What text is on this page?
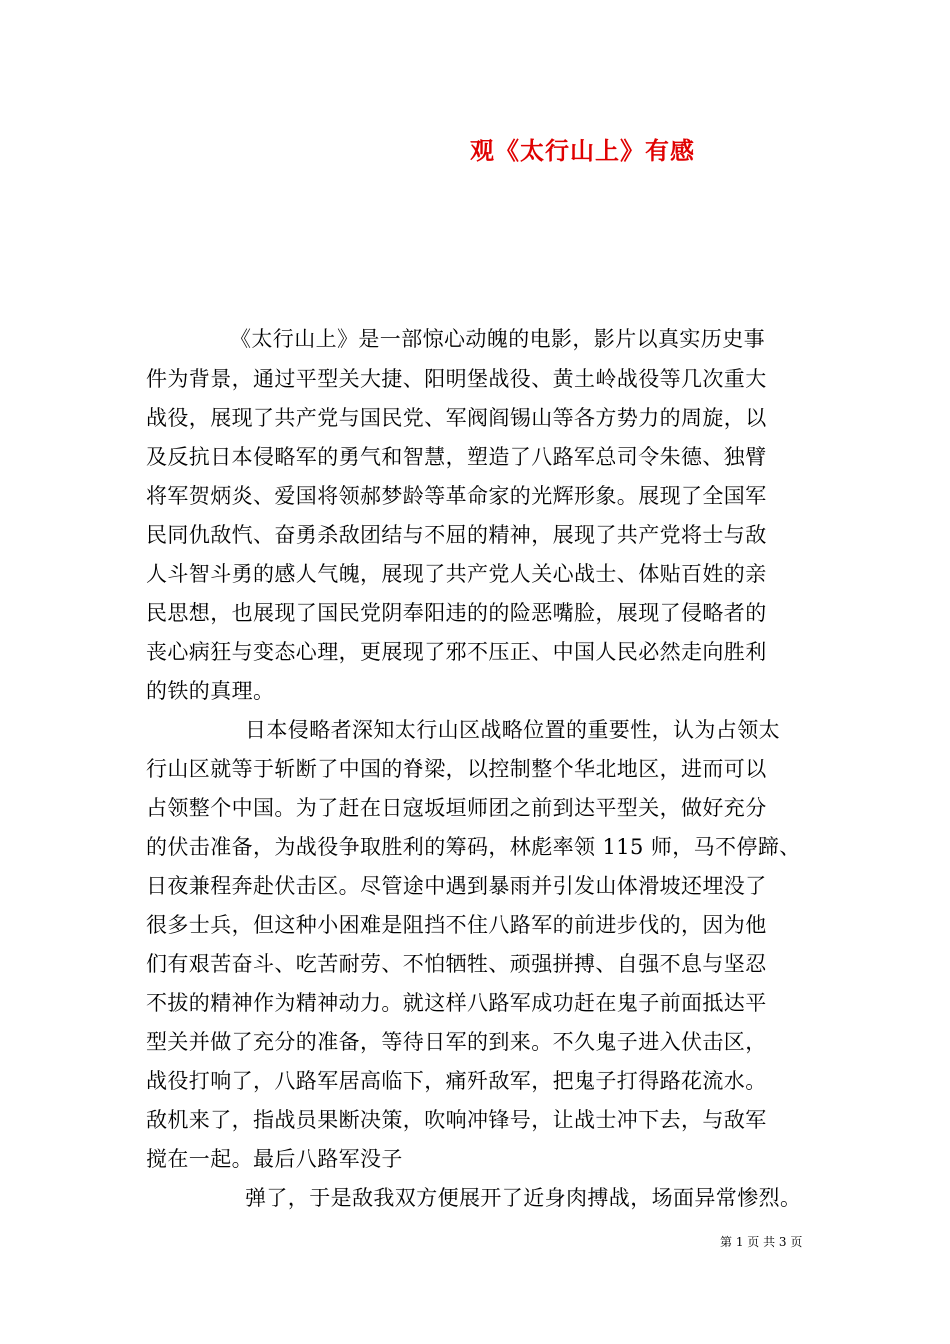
观《太行山上》有感
《太行山上》是一部惊心动魄的电影，影片以真实历史事
件为背景，通过平型关大捷、阳明堡战役、黄土岭战役等几次重大
战役，展现了共产党与国民党、军阀阎锡山等各方势力的周旋，以
及反抗日本侵略军的勇气和智慧，塑造了八路军总司令朱德、独臂
将军贺炳炎、爱国将领郝梦龄等革命家的光辉形象。展现了全国军
民同仇敌忾、奋勇杀敌团结与不屈的精神，展现了共产党将士与敌
人斗智斗勇的感人气魄，展现了共产党人关心战士、体贴百姓的亲
民思想，也展现了国民党阴奉阳违的的险恶嘴脸，展现了侵略者的
丧心病狂与变态心理，更展现了邪不压正、中国人民必然走向胜利
的铁的真理。
日本侵略者深知太行山区战略位置的重要性，认为占领太
行山区就等于斩断了中国的脊梁，以控制整个华北地区，进而可以
占领整个中国。为了赶在日寇坂垣师团之前到达平型关，做好充分
的伏击准备，为战役争取胜利的筹码，林彪率领 115 师，马不停蹄、
日夜兼程奔赴伏击区。尽管途中遇到暴雨并引发山体滑坡还埋没了
很多士兵，但这种小困难是阻挡不住八路军的前进步伐的，因为他
们有艰苦奋斗、吃苦耐劳、不怕牺牲、顽强拼搏、自强不息与坚忍
不拔的精神作为精神动力。就这样八路军成功赶在鬼子前面抵达平
型关并做了充分的准备，等待日军的到来。不久鬼子进入伏击区，
战役打响了，八路军居高临下，痛歼敌军，把鬼子打得路花流水。
敌机来了，指战员果断决策，吹响冲锋号，让战士冲下去，与敌军
搅在一起。最后八路军没子
弹了，于是敌我双方便展开了近身肉搏战，场面异常惨烈。
第 1 页 共 3 页
